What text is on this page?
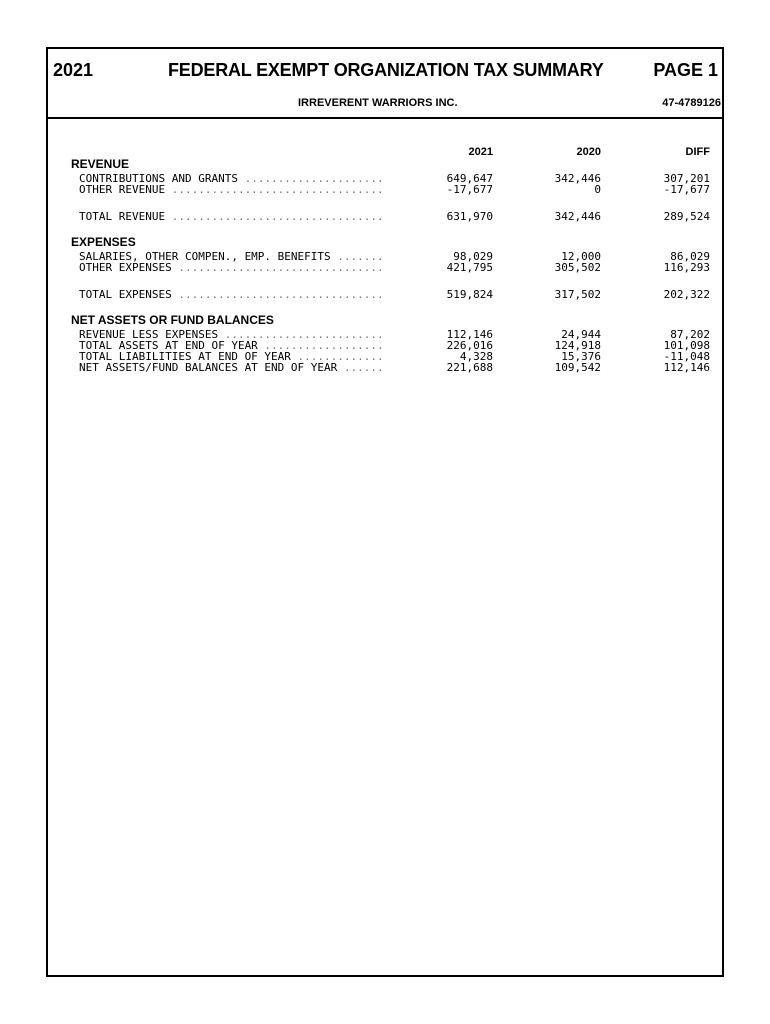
2021	FEDERAL EXEMPT ORGANIZATION TAX SUMMARY	PAGE 1
IRREVERENT WARRIORS INC.	47-4789126
2021	2020	DIFF
REVENUE
CONTRIBUTIONS AND GRANTS .....	649,647	342,446	307,201
OTHER REVENUE .....	-17,677	0	-17,677
TOTAL REVENUE .....	631,970	342,446	289,524
EXPENSES
SALARIES, OTHER COMPEN., EMP. BENEFITS .....	98,029	12,000	86,029
OTHER EXPENSES .....	421,795	305,502	116,293
TOTAL EXPENSES .....	519,824	317,502	202,322
NET ASSETS OR FUND BALANCES
REVENUE LESS EXPENSES .....	112,146	24,944	87,202
TOTAL ASSETS AT END OF YEAR .....	226,016	124,918	101,098
TOTAL LIABILITIES AT END OF YEAR .....	4,328	15,376	-11,048
NET ASSETS/FUND BALANCES AT END OF YEAR .....	221,688	109,542	112,146
